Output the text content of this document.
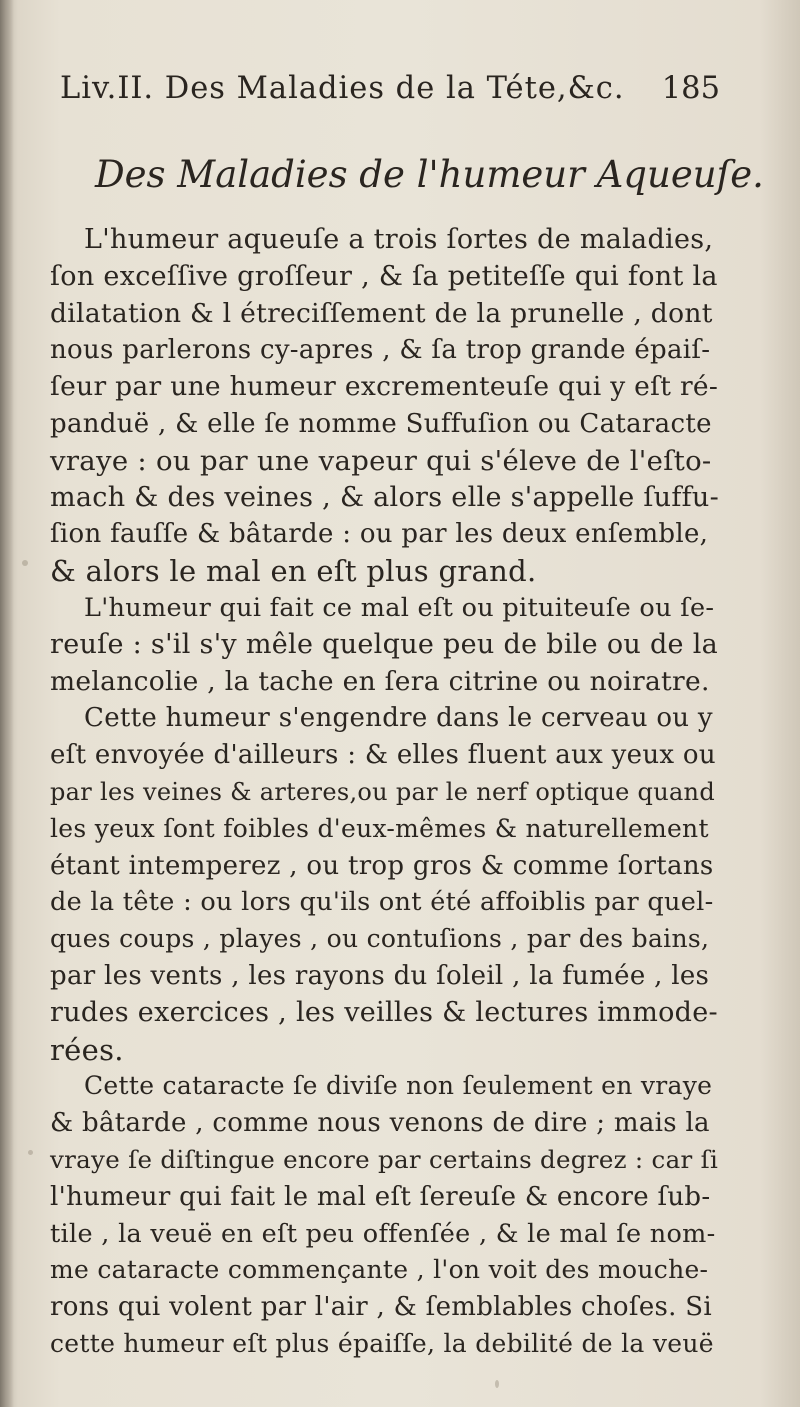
Liv.II. Des Maladies de la Téte,&c. 185
Des Maladies de l'humeur Aqueuſe.
L'humeur aqueuſe a trois ſortes de maladies,
ſon exceſſive groſſeur , & ſa petiteſſe qui font la
dilatation & l étreciſſement de la prunelle , dont
nous parlerons cy-apres , & ſa trop grande épaiſ-
ſeur par une humeur excrementeuſe qui y eſt ré-
panduë , & elle ſe nomme Suffuſion ou Cataracte
vraye : ou par une vapeur qui s'éleve de l'eſto-
mach & des veines , & alors elle s'appelle ſuffu-
ſion fauſſe & bâtarde : ou par les deux enſemble,
& alors le mal en eſt plus grand.
L'humeur qui fait ce mal eſt ou pituiteuſe ou ſe-
reuſe : s'il s'y mêle quelque peu de bile ou de la
melancolie , la tache en ſera citrine ou noiratre.
Cette humeur s'engendre dans le cerveau ou y
eſt envoyée d'ailleurs : & elles fluent aux yeux ou
par les veines & arteres,ou par le nerf optique quand
les yeux ſont foibles d'eux-mêmes & naturellement
étant intemperez , ou trop gros & comme ſortans
de la tête : ou lors qu'ils ont été affoiblis par quel-
ques coups , playes , ou contuſions , par des bains,
par les vents , les rayons du ſoleil , la fumée , les
rudes exercices , les veilles & lectures immode-
rées.
Cette cataracte ſe diviſe non ſeulement en vraye
& bâtarde , comme nous venons de dire ; mais la
vraye ſe diſtingue encore par certains degrez : car ſi
l'humeur qui fait le mal eſt ſereuſe & encore ſub-
tile , la veuë en eſt peu offenſée , & le mal ſe nom-
me cataracte commençante , l'on voit des mouche-
rons qui volent par l'air , & ſemblables choſes. Si
cette humeur eſt plus épaiſſe, la debilité de la veuë
